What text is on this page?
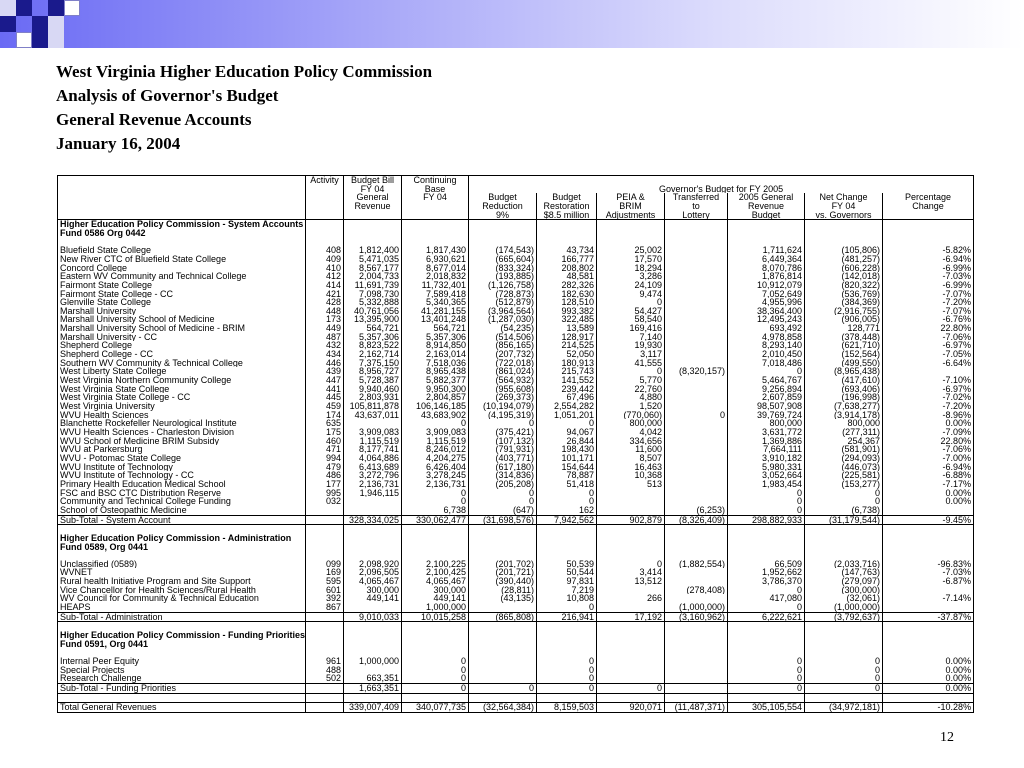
West Virginia Higher Education Policy Commission
Analysis of Governor's Budget
General Revenue Accounts
January 16, 2004
	Activity	Budget Bill	Continuing							
		FY 04	Base	Governor's Budget for FY 2005						
		General	FY 04	Budget	Budget	PEIA &	Transferred	2005 General	Net Change	Percentage
		Revenue		Reduction	Restoration	BRIM	to	Revenue	FY 04	Change
				9%	$8.5 million	Adjustments	Lottery	Budget	vs. Governors	
Higher Education Policy Commission - System Accounts										
Fund 0586 Org 0442										

Bluefield State College	408	1,812,400	1,817,430	(174,543)	43,734	25,002		1,711,624	(105,806)	-5.82%
New River CTC of Bluefield State College	409	5,471,035	6,930,621	(665,604)	166,777	17,570		6,449,364	(481,257)	-6.94%
Concord College	410	8,567,177	8,677,014	(833,324)	208,802	18,294		8,070,786	(606,228)	-6.99%
Eastern WV Community and Technical College	412	2,004,733	2,018,832	(193,885)	48,581	3,286		1,876,814	(142,018)	-7.03%
Fairmont State College	414	11,691,739	11,732,401	(1,126,758)	282,326	24,109		10,912,079	(820,322)	-6.99%
Fairmont State College - CC	421	7,098,730	7,589,418	(728,873)	182,630	9,474		7,052,649	(536,769)	-7.07%
Glenville State College	428	5,332,888	5,340,365	(512,879)	128,510	0		4,955,996	(384,369)	-7.20%
Marshall University	448	40,761,056	41,281,155	(3,964,564)	993,382	54,427		38,364,400	(2,916,755)	-7.07%
Marshall University School of Medicine	173	13,395,900	13,401,248	(1,287,030)	322,485	58,540		12,495,243	(906,005)	-6.76%
Marshall University School of Medicine - BRIM	449	564,721	564,721	(54,235)	13,589	169,416		693,492	128,771	22.80%
Marshall University - CC	487	5,357,306	5,357,306	(514,506)	128,917	7,140		4,978,858	(378,448)	-7.06%
Shepherd College	432	8,823,522	8,914,850	(856,165)	214,525	19,930		8,293,140	(621,710)	-6.97%
Shepherd College - CC	434	2,162,714	2,163,014	(207,732)	52,050	3,117		2,010,450	(152,564)	-7.05%
Southern WV Community & Technical College	446	7,375,150	7,518,036	(722,018)	180,913	41,555		7,018,486	(499,550)	-6.64%
West Liberty State College	439	8,956,727	8,965,438	(861,024)	215,743	0	(8,320,157)	0	(8,965,438)	
West Virginia Northern Community College	447	5,728,387	5,882,377	(564,932)	141,552	5,770		5,464,767	(417,610)	-7.10%
West Virginia State College	441	9,940,460	9,950,300	(955,608)	239,442	22,760		9,256,894	(693,406)	-6.97%
West Virginia State College - CC	445	2,803,931	2,804,857	(269,373)	67,496	4,880		2,607,859	(196,998)	-7.02%
West Virginia University	459	105,811,878	106,146,185	(10,194,079)	2,554,282	1,520		98,507,908	(7,638,277)	-7.20%
WVU Health Sciences	174	43,637,011	43,683,902	(4,195,319)	1,051,201	(770,060)	0	39,769,724	(3,914,178)	-8.96%
Blanchette Rockefeller Neurological Institute	635		0	0	0	800,000		800,000	800,000	0.00%
WVU Health Sciences - Charleston Division	175	3,909,083	3,909,083	(375,421)	94,067	4,042		3,631,772	(277,311)	-7.09%
WVU School of Medicine BRIM Subsidy	460	1,115,519	1,115,519	(107,132)	26,844	334,656		1,369,886	254,367	22.80%
WVU at Parkersburg	471	8,177,741	8,246,012	(791,931)	198,430	11,600		7,664,111	(581,901)	-7.06%
WVU - Potomac State College	994	4,064,886	4,204,275	(403,771)	101,171	8,507		3,910,182	(294,093)	-7.00%
WVU Institute of Technology	479	6,413,689	6,426,404	(617,180)	154,644	16,463		5,980,331	(446,073)	-6.94%
WVU Institute of Technology - CC	486	3,272,796	3,278,245	(314,836)	78,887	10,368		3,052,664	(225,581)	-6.88%
Primary Health Education Medical School	177	2,136,731	2,136,731	(205,208)	51,418	513		1,983,454	(153,277)	-7.17%
FSC and BSC CTC Distribution Reserve	995	1,946,115	0	0	0			0	0	0.00%
Community and Technical College Funding	032		0	0	0			0	0	0.00%
School of Osteopathic Medicine			6,738	(647)	162		(6,253)	0	(6,738)	
Sub-Total - System Account		328,334,025	330,062,477	(31,698,576)	7,942,562	902,879	(8,326,409)	298,882,933	(31,179,544)	-9.45%

Higher Education Policy Commission - Administration										
Fund 0589, Org 0441										

Unclassified (0589)	099	2,098,920	2,100,225	(201,702)	50,539	0	(1,882,554)	66,509	(2,033,716)	-96.83%
WVNET	169	2,096,505	2,100,425	(201,721)	50,544	3,414		1,952,662	(147,763)	-7.03%
Rural health Initiative Program and Site Support	595	4,065,467	4,065,467	(390,440)	97,831	13,512		3,786,370	(279,097)	-6.87%
Vice Chancellor for Health Sciences/Rural Health	601	300,000	300,000	(28,811)	7,219		(278,408)	0	(300,000)	
WV Council for Community & Technical Education	392	449,141	449,141	(43,135)	10,808	266		417,080	(32,061)	-7.14%
HEAPS	867		1,000,000		0		(1,000,000)	0	(1,000,000)	
Sub-Total - Administration		9,010,033	10,015,258	(865,808)	216,941	17,192	(3,160,962)	6,222,621	(3,792,637)	-37.87%

Higher Education Policy Commission - Funding Priorities										
Fund 0591, Org 0441										

Internal Peer Equity	961	1,000,000	0		0			0	0	0.00%
Special Projects	488		0		0			0	0	0.00%
Research Challenge	502	663,351	0		0			0	0	0.00%
Sub-Total - Funding Priorities		1,663,351	0	0	0	0		0	0	0.00%

Total General Revenues		339,007,409	340,077,735	(32,564,384)	8,159,503	920,071	(11,487,371)	305,105,554	(34,972,181)	-10.28%
12
